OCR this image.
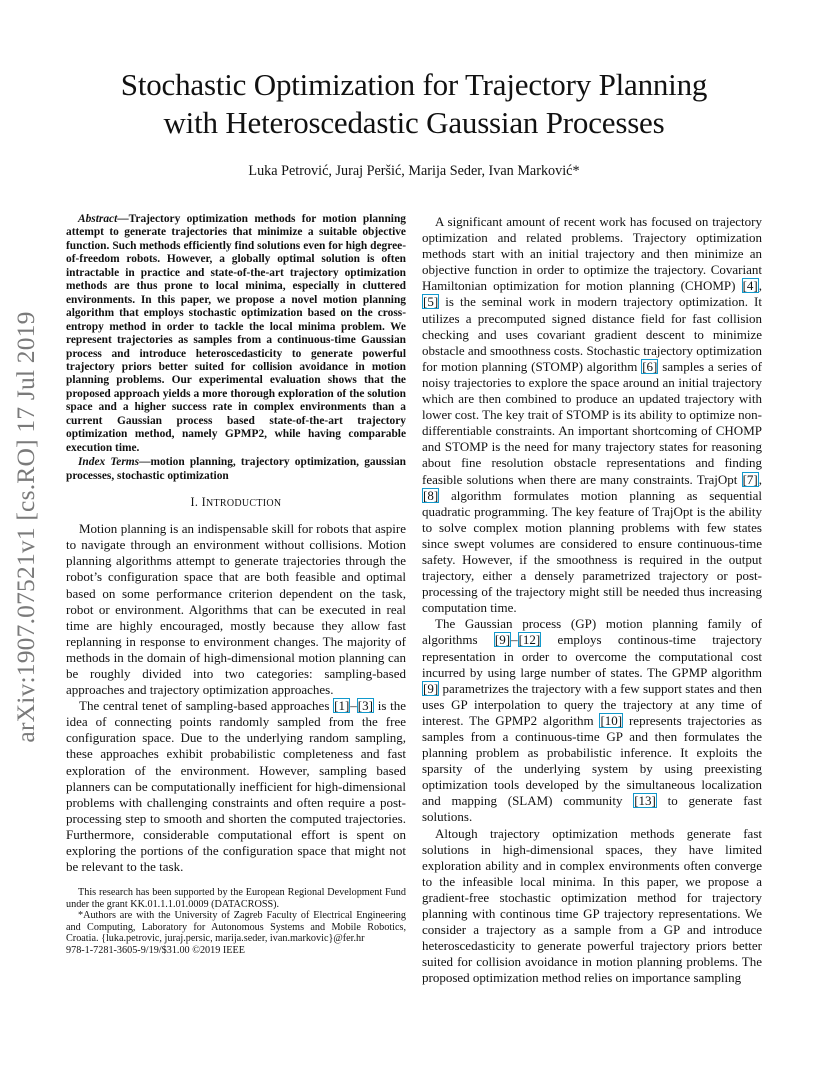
arXiv:1907.07521v1 [cs.RO] 17 Jul 2019
Stochastic Optimization for Trajectory Planning
with Heteroscedastic Gaussian Processes
Luka Petrović, Juraj Peršić, Marija Seder, Ivan Marković*

Abstract—Trajectory optimization methods for motion planning attempt to generate trajectories that minimize a suitable objective function. Such methods efficiently find solutions even for high degree-of-freedom robots. However, a globally optimal solution is often intractable in practice and state-of-the-art trajectory optimization methods are thus prone to local minima, especially in cluttered environments. In this paper, we propose a novel motion planning algorithm that employs stochastic optimization based on the cross-entropy method in order to tackle the local minima problem. We represent trajectories as samples from a continuous-time Gaussian process and introduce heteroscedasticity to generate powerful trajectory priors better suited for collision avoidance in motion planning problems. Our experimental evaluation shows that the proposed approach yields a more thorough exploration of the solution space and a higher success rate in complex environments than a current Gaussian process based state-of-the-art trajectory optimization method, namely GPMP2, while having comparable execution time.

Index Terms—motion planning, trajectory optimization, gaussian processes, stochastic optimization

I. INTRODUCTION

Motion planning is an indispensable skill for robots that aspire to navigate through an environment without collisions. Motion planning algorithms attempt to generate trajectories through the robot’s configuration space that are both feasible and optimal based on some performance criterion dependent on the task, robot or environment. Algorithms that can be executed in real time are highly encouraged, mostly because they allow fast replanning in response to environment changes. The majority of methods in the domain of high-dimensional motion planning can be roughly divided into two categories: sampling-based approaches and trajectory optimization approaches.

The central tenet of sampling-based approaches [1]–[3] is the idea of connecting points randomly sampled from the free configuration space. Due to the underlying random sampling, these approaches exhibit probabilistic completeness and fast exploration of the environment. However, sampling based planners can be computationally inefficient for high-dimensional problems with challenging constraints and often require a post-processing step to smooth and shorten the computed trajectories. Furthermore, considerable computational effort is spent on exploring the portions of the configuration space that might not be relevant to the task.

This research has been supported by the European Regional Development Fund under the grant KK.01.1.1.01.0009 (DATACROSS).

*Authors are with the University of Zagreb Faculty of Electrical Engineering and Computing, Laboratory for Autonomous Systems and Mobile Robotics, Croatia. {luka.petrovic, juraj.persic, marija.seder, ivan.markovic}@fer.hr

978-1-7281-3605-9/19/$31.00 ©2019 IEEE

A significant amount of recent work has focused on trajectory optimization and related problems. Trajectory optimization methods start with an initial trajectory and then minimize an objective function in order to optimize the trajectory. Covariant Hamiltonian optimization for motion planning (CHOMP) [4], [5] is the seminal work in modern trajectory optimization. It utilizes a precomputed signed distance field for fast collision checking and uses covariant gradient descent to minimize obstacle and smoothness costs. Stochastic trajectory optimization for motion planning (STOMP) algorithm [6] samples a series of noisy trajectories to explore the space around an initial trajectory which are then combined to produce an updated trajectory with lower cost. The key trait of STOMP is its ability to optimize non-differentiable constraints. An important shortcoming of CHOMP and STOMP is the need for many trajectory states for reasoning about fine resolution obstacle representations and finding feasible solutions when there are many constraints. TrajOpt [7], [8] algorithm formulates motion planning as sequential quadratic programming. The key feature of TrajOpt is the ability to solve complex motion planning problems with few states since swept volumes are considered to ensure continuous-time safety. However, if the smoothness is required in the output trajectory, either a densely parametrized trajectory or post-processing of the trajectory might still be needed thus increasing computation time.

The Gaussian process (GP) motion planning family of algorithms [9]–[12] employs continous-time trajectory representation in order to overcome the computational cost incurred by using large number of states. The GPMP algorithm [9] parametrizes the trajectory with a few support states and then uses GP interpolation to query the trajectory at any time of interest. The GPMP2 algorithm [10] represents trajectories as samples from a continuous-time GP and then formulates the planning problem as probabilistic inference. It exploits the sparsity of the underlying system by using preexisting optimization tools developed by the simultaneous localization and mapping (SLAM) community [13] to generate fast solutions.

Altough trajectory optimization methods generate fast solutions in high-dimensional spaces, they have limited exploration ability and in complex environments often converge to the infeasible local minima. In this paper, we propose a gradient-free stochastic optimization method for trajectory planning with continous time GP trajectory representations. We consider a trajectory as a sample from a GP and introduce heteroscedasticity to generate powerful trajectory priors better suited for collision avoidance in motion planning problems. The proposed optimization method relies on importance sampling
